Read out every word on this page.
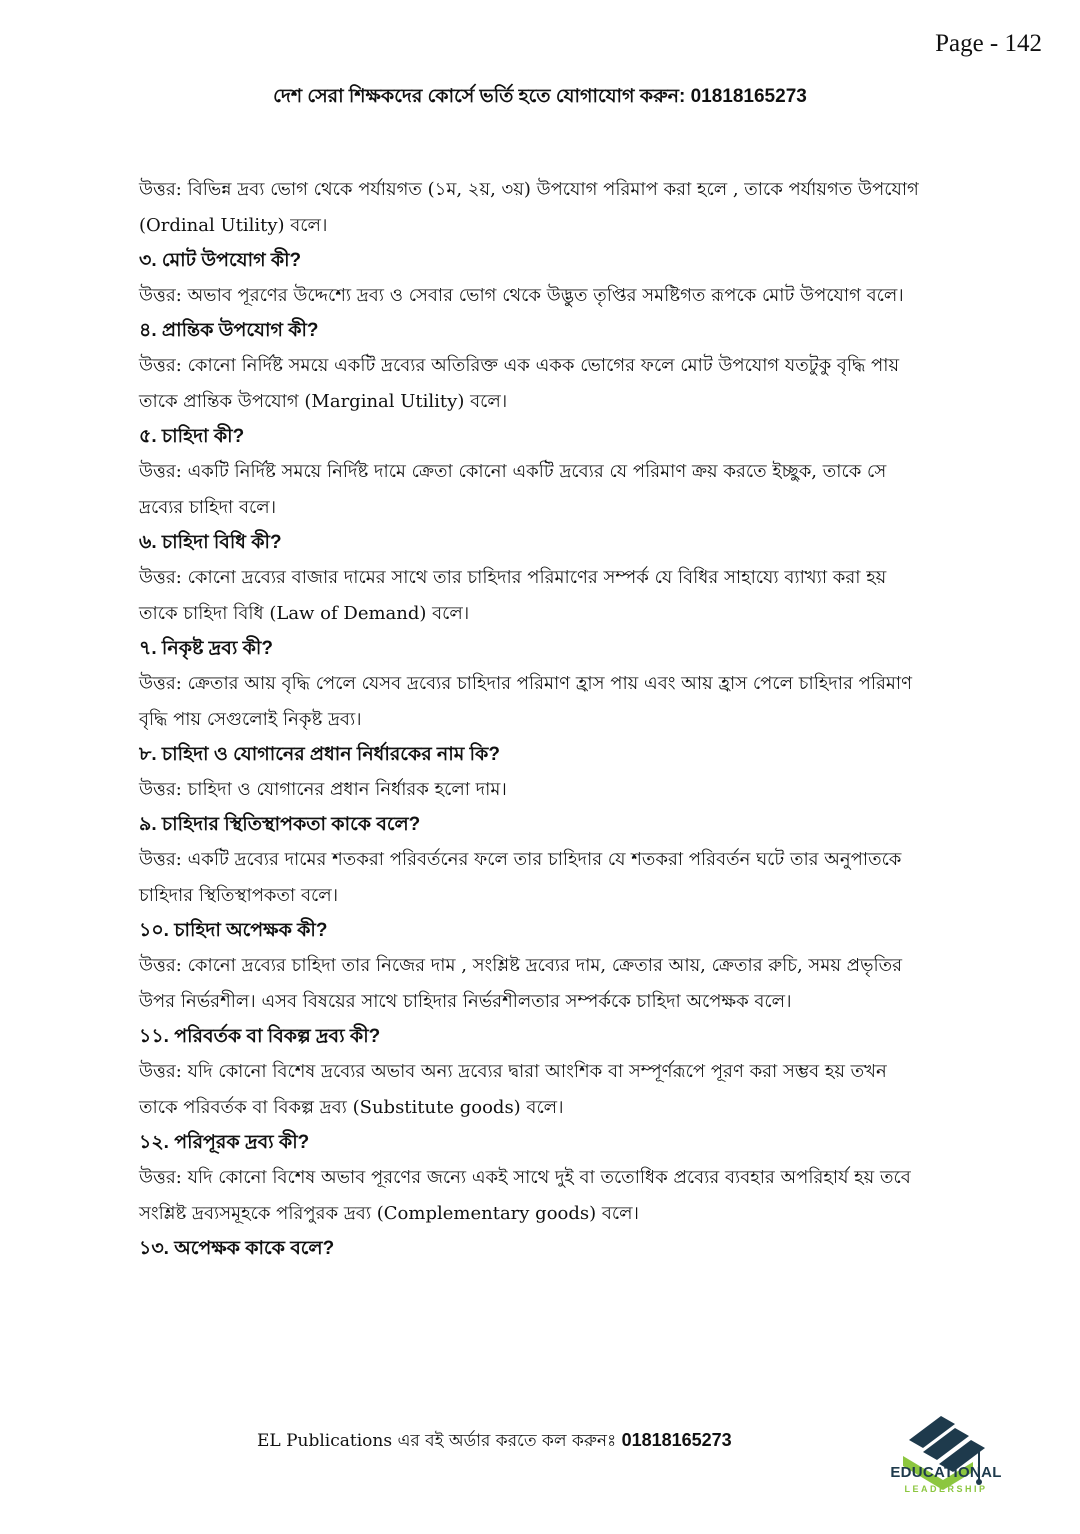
Page - 142
দেশ সেরা শিক্ষকদের কোর্সে ভর্তি হতে যোগাযোগ করুন: 01818165273

উত্তর: বিভিন্ন দ্রব্য ভোগ থেকে পর্যায়গত (১ম, ২য়, ৩য়) উপযোগ পরিমাপ করা হলে , তাকে পর্যায়গত উপযোগ (Ordinal Utility) বলে।

৩. মোট উপযোগ কী?

উত্তর: অভাব পূরণের উদ্দেশ্যে দ্রব্য ও সেবার ভোগ থেকে উদ্ভুত তৃপ্তির সমষ্টিগত রূপকে মোট উপযোগ বলে।

৪. প্রান্তিক উপযোগ কী?

উত্তর: কোনো নির্দিষ্ট সময়ে একটি দ্রব্যের অতিরিক্ত এক একক ভোগের ফলে মোট উপযোগ যতটুকু বৃদ্ধি পায় তাকে প্রান্তিক উপযোগ (Marginal Utility) বলে।

৫. চাহিদা কী?

উত্তর: একটি নির্দিষ্ট সময়ে নির্দিষ্ট দামে ক্রেতা কোনো একটি দ্রব্যের যে পরিমাণ ক্রয় করতে ইচ্ছুক, তাকে সে দ্রব্যের চাহিদা বলে।

৬. চাহিদা বিধি কী?

উত্তর: কোনো দ্রব্যের বাজার দামের সাথে তার চাহিদার পরিমাণের সম্পর্ক যে বিধির সাহায্যে ব্যাখ্যা করা হয় তাকে চাহিদা বিধি (Law of Demand) বলে।

৭. নিকৃষ্ট দ্রব্য কী?

উত্তর: ক্রেতার আয় বৃদ্ধি পেলে যেসব দ্রব্যের চাহিদার পরিমাণ হ্রাস পায় এবং আয় হ্রাস পেলে চাহিদার পরিমাণ বৃদ্ধি পায় সেগুলোই নিকৃষ্ট দ্রব্য।

৮. চাহিদা ও যোগানের প্রধান নির্ধারকের নাম কি?

উত্তর: চাহিদা ও যোগানের প্রধান নির্ধারক হলো দাম।

৯. চাহিদার স্থিতিস্থাপকতা কাকে বলে?

উত্তর: একটি দ্রব্যের দামের শতকরা পরিবর্তনের ফলে তার চাহিদার যে শতকরা পরিবর্তন ঘটে তার অনুপাতকে চাহিদার স্থিতিস্থাপকতা বলে।

১০. চাহিদা অপেক্ষক কী?

উত্তর: কোনো দ্রব্যের চাহিদা তার নিজের দাম , সংশ্লিষ্ট দ্রব্যের দাম, ক্রেতার আয়, ক্রেতার রুচি, সময় প্রভৃতির উপর নির্ভরশীল। এসব বিষয়ের সাথে চাহিদার নির্ভরশীলতার সম্পর্ককে চাহিদা অপেক্ষক বলে।

১১. পরিবর্তক বা বিকল্প দ্রব্য কী?

উত্তর: যদি কোনো বিশেষ দ্রব্যের অভাব অন্য দ্রব্যের দ্বারা আংশিক বা সম্পূর্ণরূপে পূরণ করা সম্ভব হয় তখন তাকে পরিবর্তক বা বিকল্প দ্রব্য (Substitute goods) বলে।

১২. পরিপূরক দ্রব্য কী?

উত্তর: যদি কোনো বিশেষ অভাব পূরণের জন্যে একই সাথে দুই বা ততোধিক প্রব্যের ব্যবহার অপরিহার্য হয় তবে সংশ্লিষ্ট দ্রব্যসমূহকে পরিপুরক দ্রব্য (Complementary goods) বলে।

১৩. অপেক্ষক কাকে বলে?

EL Publications এর বই অর্ডার করতে কল করুনঃ 01818165273
EDUCATIONAL
LEADERSHIP
